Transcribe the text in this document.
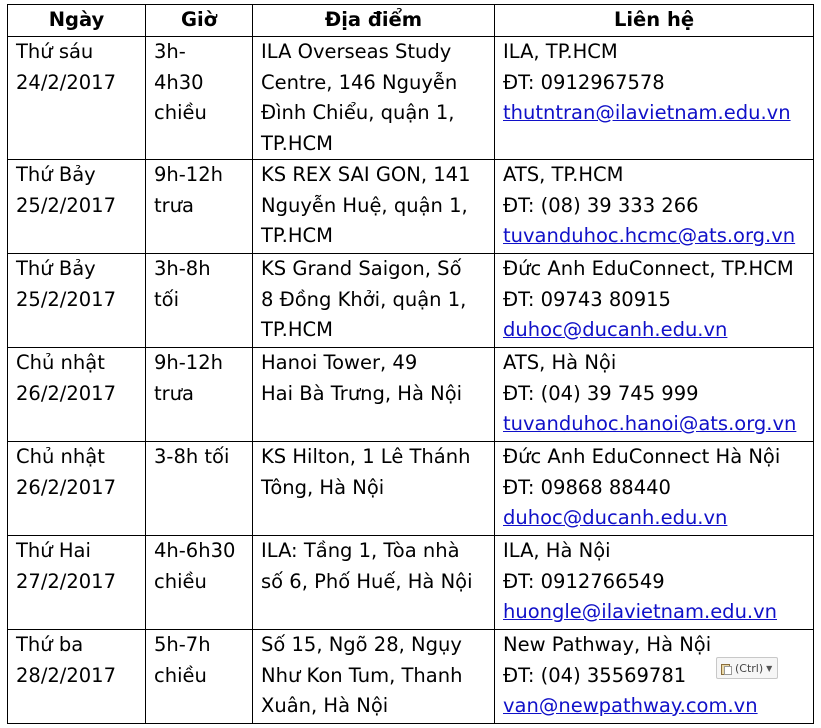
Ngày	Giờ	Địa điểm	Liên hệ

Thứ sáu
24/2/2017	3h-
4h30
chiều	ILA Overseas Study
Centre, 146 Nguyễn
Đình Chiểu, quận 1,
TP.HCM	ILA, TP.HCM
ĐT: 0912967578
thutntran@ilavietnam.edu.vn

Thứ Bảy
25/2/2017	9h-12h
trưa	KS REX SAI GON, 141
Nguyễn Huệ, quận 1,
TP.HCM	ATS, TP.HCM
ĐT: (08) 39 333 266
tuvanduhoc.hcmc@ats.org.vn

Thứ Bảy
25/2/2017	3h-8h
tối	KS Grand Saigon, Số
8 Đồng Khởi, quận 1,
TP.HCM	Đức Anh EduConnect, TP.HCM
ĐT: 09743 80915
duhoc@ducanh.edu.vn

Chủ nhật
26/2/2017	9h-12h
trưa	Hanoi Tower, 49
Hai Bà Trưng, Hà Nội	ATS, Hà Nội
ĐT: (04) 39 745 999
tuvanduhoc.hanoi@ats.org.vn

Chủ nhật
26/2/2017	3-8h tối	KS Hilton, 1 Lê Thánh
Tông, Hà Nội	Đức Anh EduConnect Hà Nội
ĐT: 09868 88440
duhoc@ducanh.edu.vn

Thứ Hai
27/2/2017	4h-6h30
chiều	ILA: Tầng 1, Tòa nhà
số 6, Phố Huế, Hà Nội	ILA, Hà Nội
ĐT: 0912766549
huongle@ilavietnam.edu.vn

Thứ ba
28/2/2017	5h-7h
chiều	Số 15, Ngõ 28, Ngụy
Như Kon Tum, Thanh
Xuân, Hà Nội	New Pathway, Hà Nội
ĐT: (04) 35569781
van@newpathway.com.vn
(Ctrl) ▼
